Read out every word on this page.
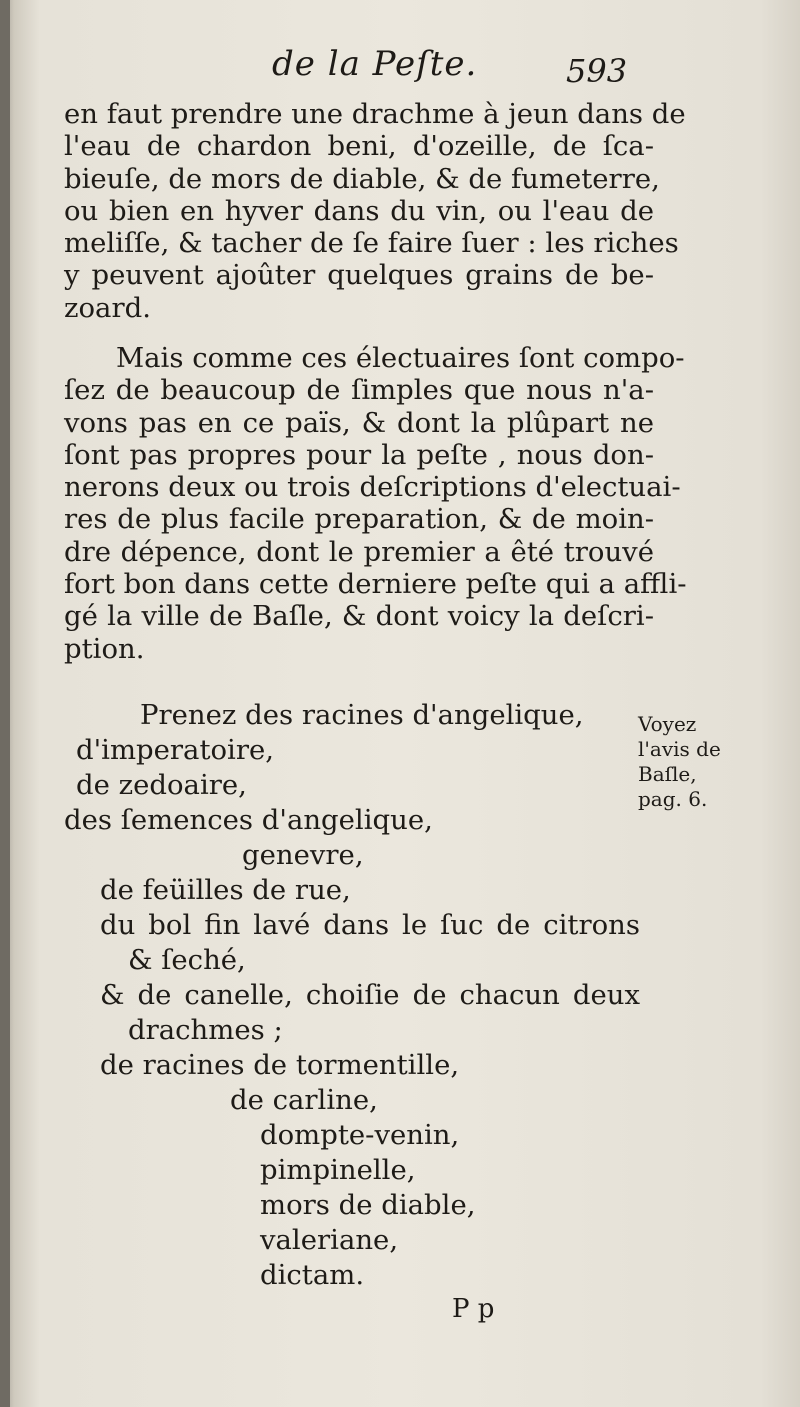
de la Peſte.	593
en faut prendre une drachme à jeun dans de
l'eau de chardon beni, d'ozeille, de ſca-
bieuſe, de mors de diable, & de fumeterre,
ou bien en hyver dans du vin, ou l'eau de
meliſſe, & tacher de ſe faire ſuer : les riches
y peuvent ajoûter quelques grains de be-
zoard.
Mais comme ces électuaires ſont compo-
ſez de beaucoup de ſimples que nous n'a-
vons pas en ce païs, & dont la plûpart ne
ſont pas propres pour la peſte , nous don-
nerons deux ou trois deſcriptions d'electuai-
res de plus facile preparation, & de moin-
dre dépence, dont le premier a êté trouvé
fort bon dans cette derniere peſte qui a affli-
gé la ville de Baſle, & dont voicy la deſcri-
ption.
Prenez des racines d'angelique,
d'imperatoire,
de zedoaire,
des ſemences d'angelique,
genevre,
de feüilles de rue,
du bol fin lavé dans le ſuc de citrons
& ſeché,
& de canelle, choiſie de chacun deux
drachmes ;
de racines de tormentille,
de carline,
dompte-venin,
pimpinelle,
mors de diable,
valeriane,
dictam.
Voyez
l'avis de
Baſle,
pag. 6.
P p
